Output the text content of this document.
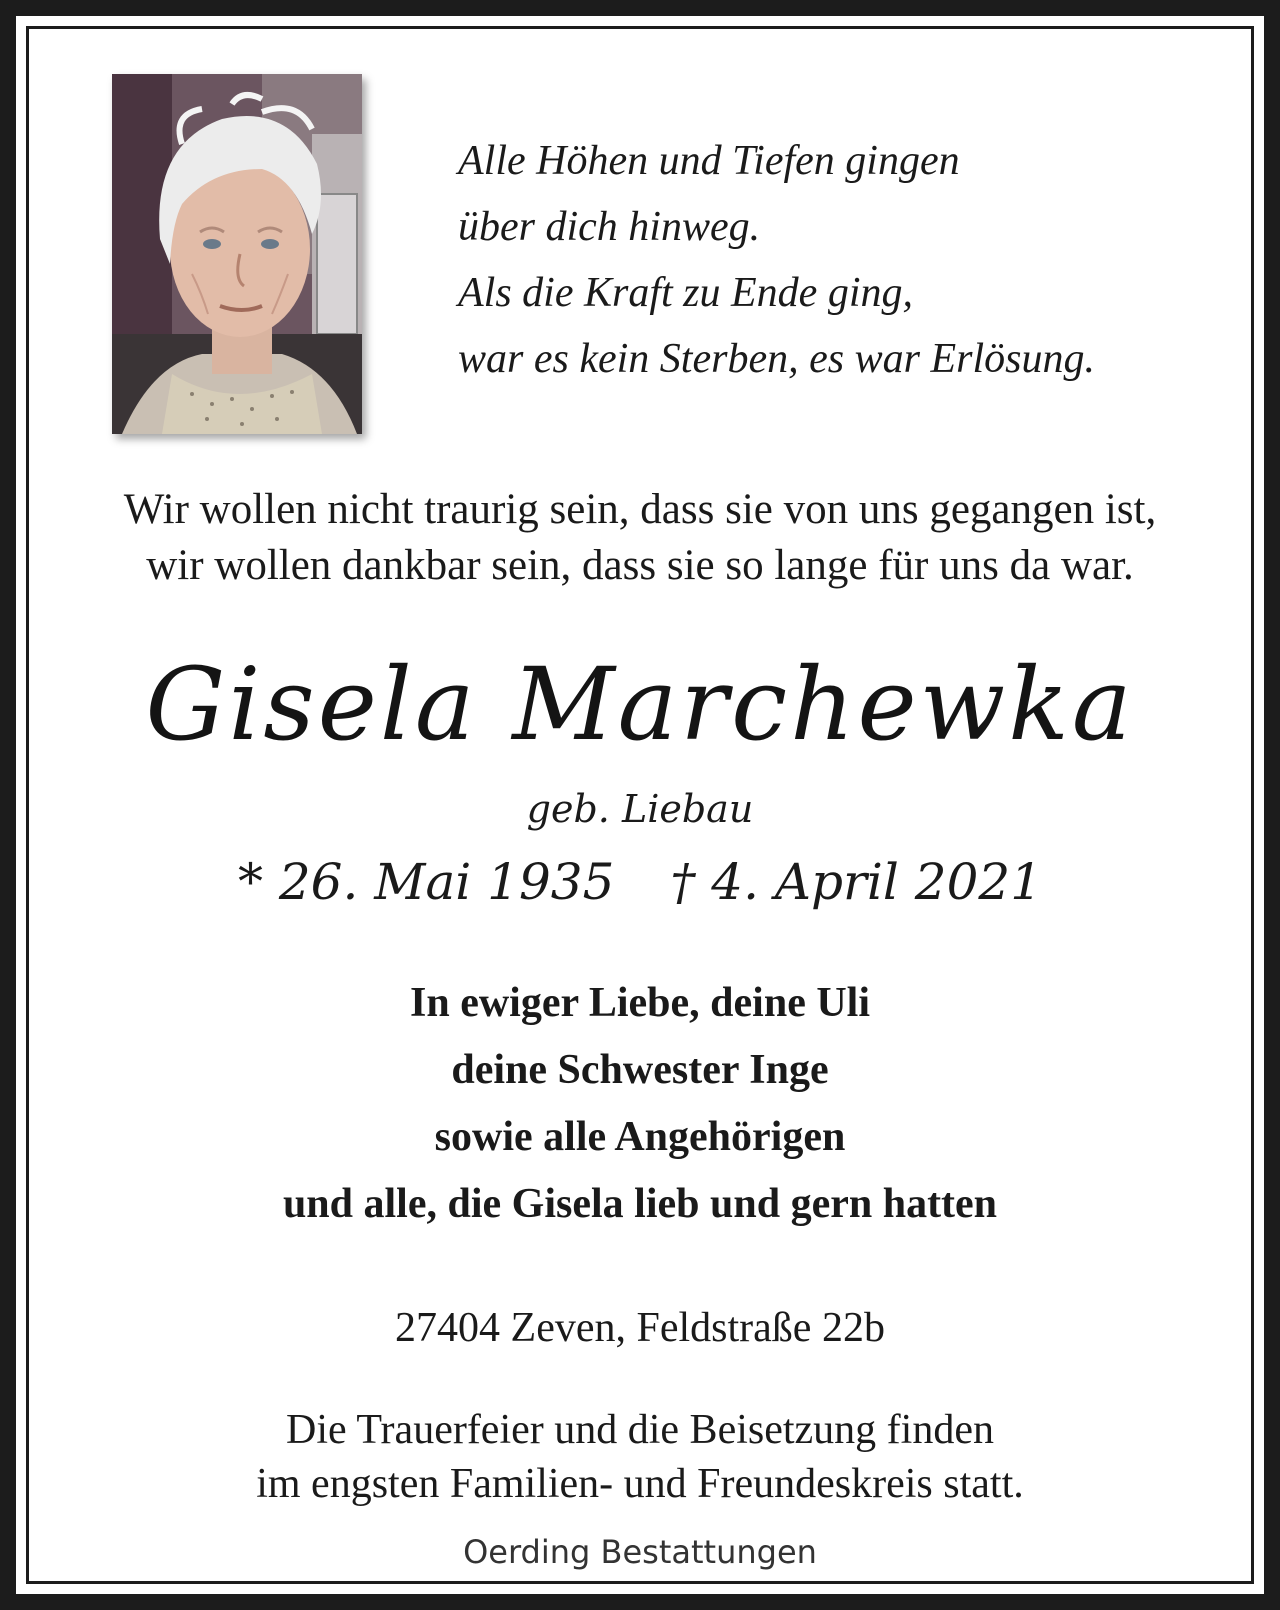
Alle Höhen und Tiefen gingen
über dich hinweg.
Als die Kraft zu Ende ging,
war es kein Sterben, es war Erlösung.
Wir wollen nicht traurig sein, dass sie von uns gegangen ist,
wir wollen dankbar sein, dass sie so lange für uns da war.
Gisela Marchewka
geb. Liebau
* 26. Mai 1935 † 4. April 2021
In ewiger Liebe, deine Uli
deine Schwester Inge
sowie alle Angehörigen
und alle, die Gisela lieb und gern hatten
27404 Zeven, Feldstraße 22b
Die Trauerfeier und die Beisetzung finden
im engsten Familien- und Freundeskreis statt.
Oerding Bestattungen
